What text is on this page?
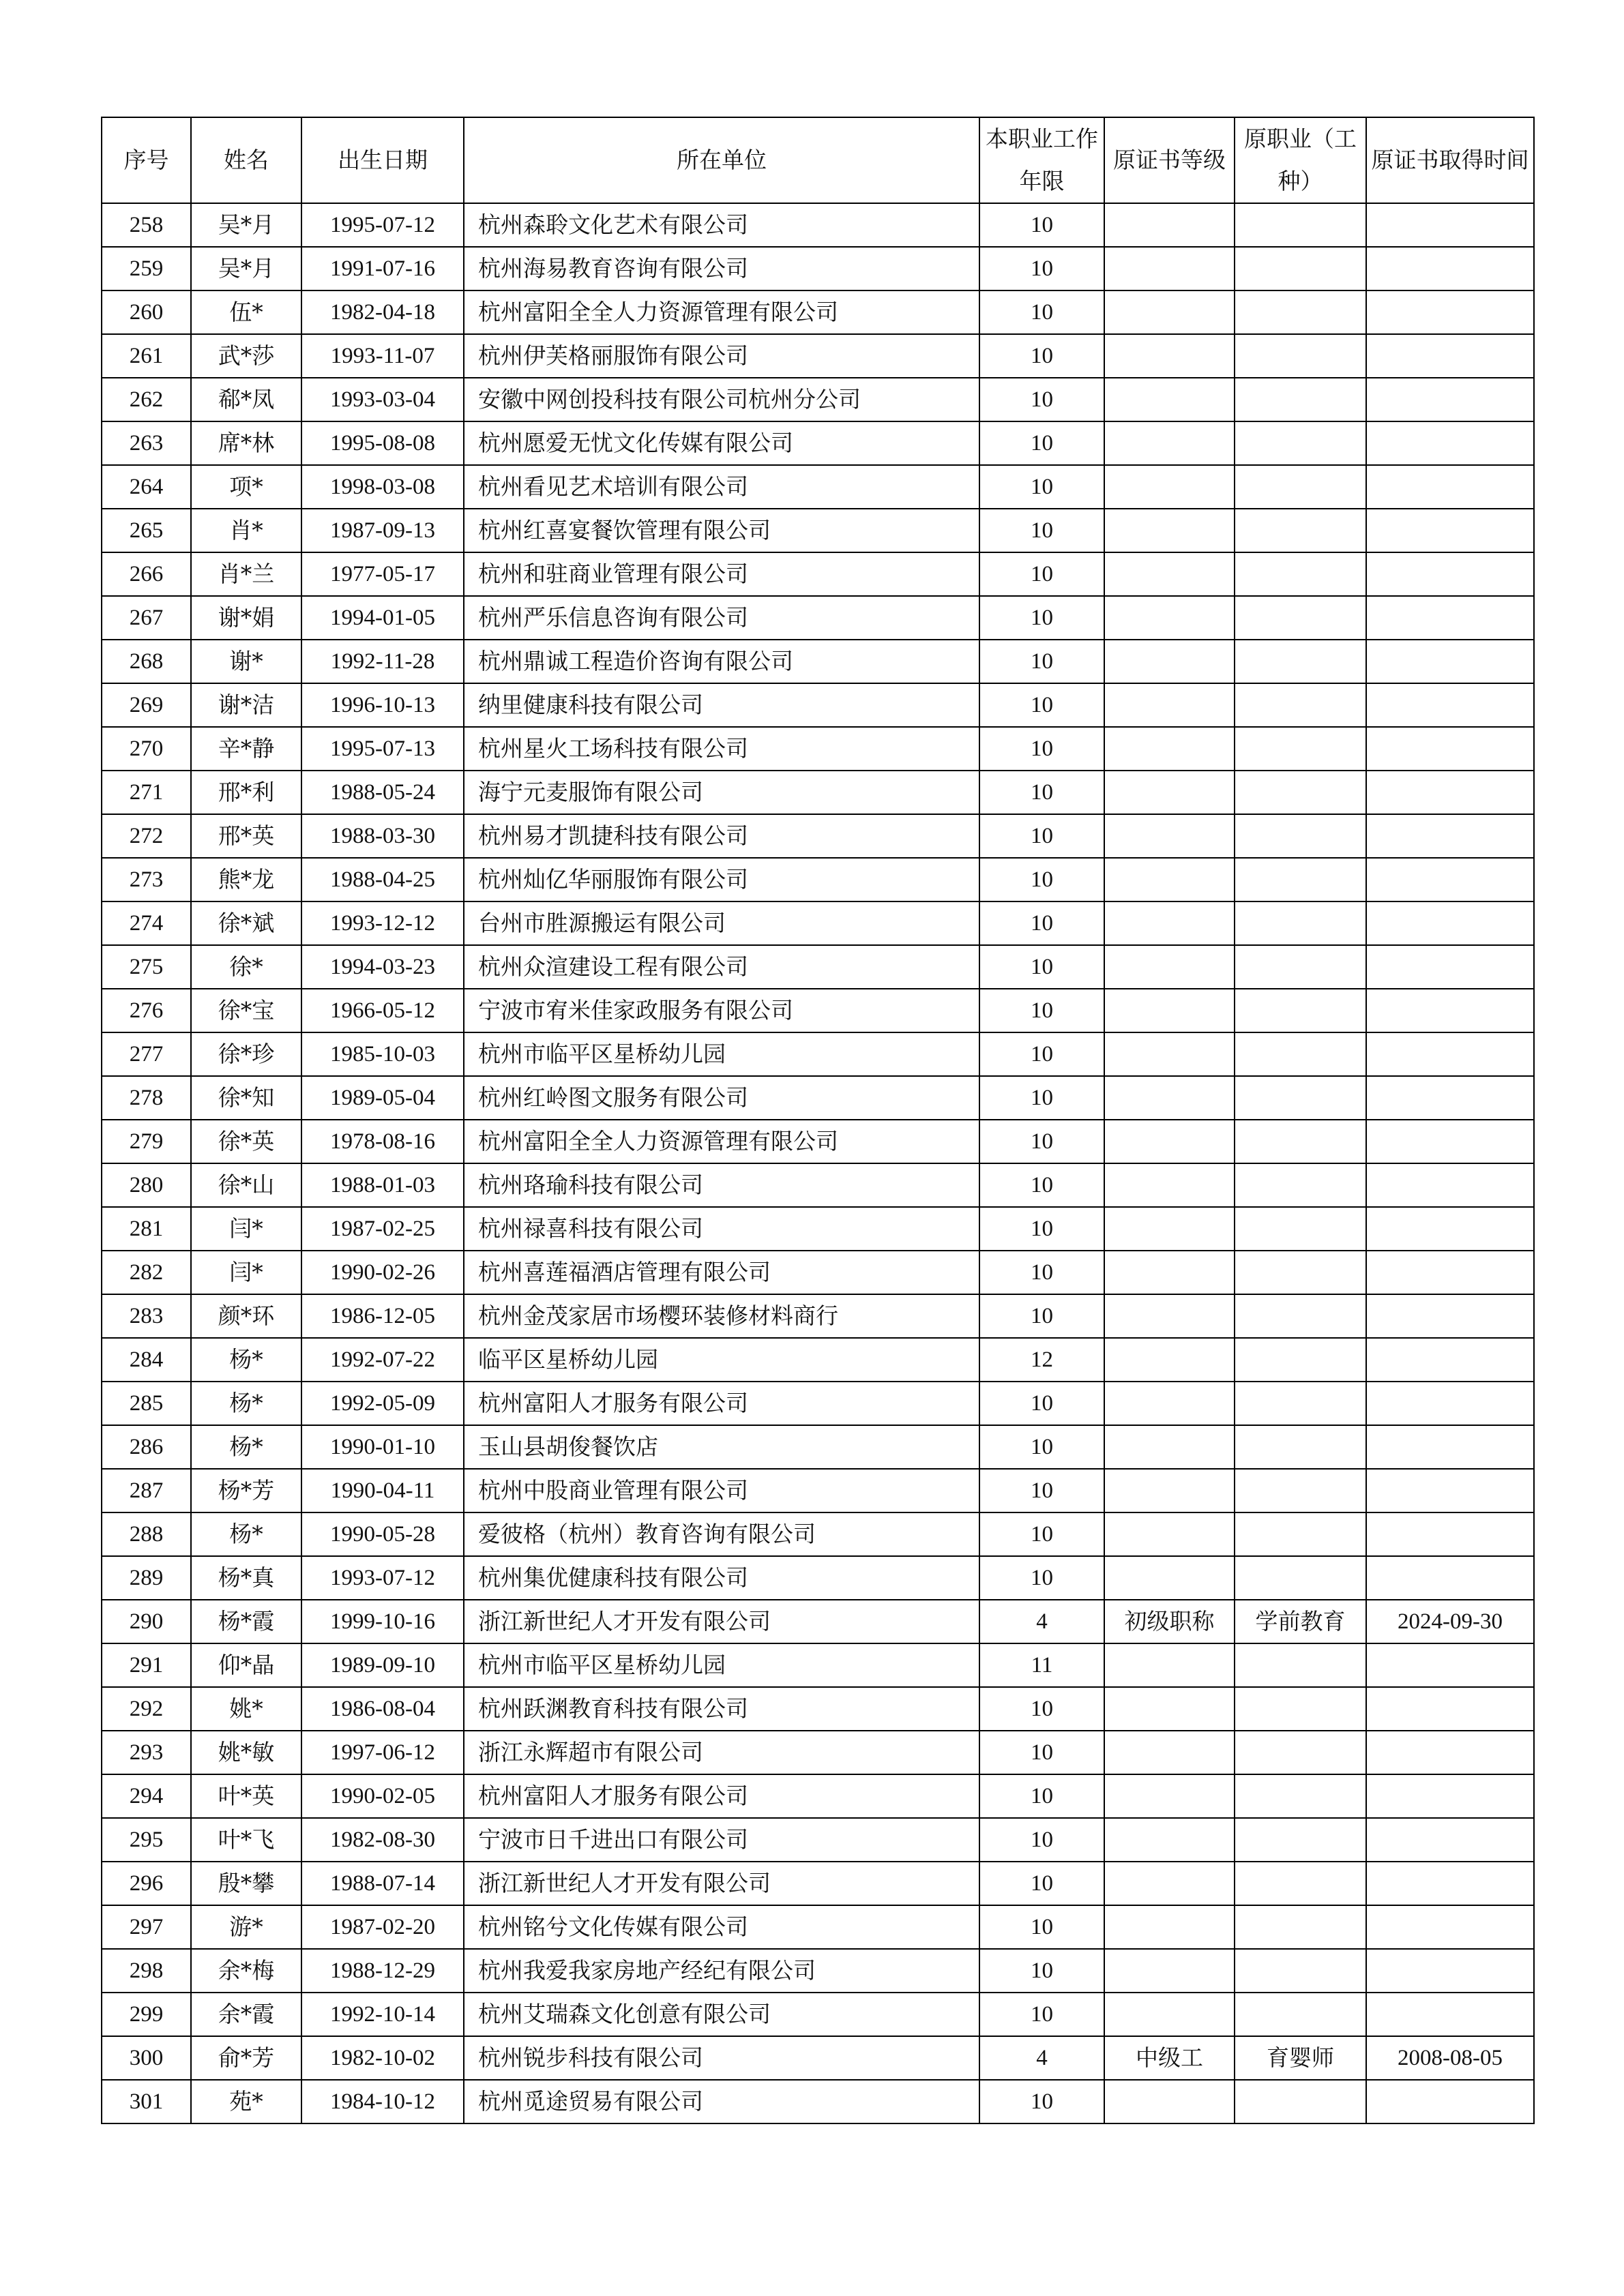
序号	姓名	出生日期	所在单位	本职业工作年限	原证书等级	原职业（工种）	原证书取得时间
258	吴*月	1995-07-12	杭州森聆文化艺术有限公司	10			
259	吴*月	1991-07-16	杭州海易教育咨询有限公司	10			
260	伍*	1982-04-18	杭州富阳全全人力资源管理有限公司	10			
261	武*莎	1993-11-07	杭州伊芙格丽服饰有限公司	10			
262	郗*凤	1993-03-04	安徽中网创投科技有限公司杭州分公司	10			
263	席*林	1995-08-08	杭州愿爱无忧文化传媒有限公司	10			
264	项*	1998-03-08	杭州看见艺术培训有限公司	10			
265	肖*	1987-09-13	杭州红喜宴餐饮管理有限公司	10			
266	肖*兰	1977-05-17	杭州和驻商业管理有限公司	10			
267	谢*娟	1994-01-05	杭州严乐信息咨询有限公司	10			
268	谢*	1992-11-28	杭州鼎诚工程造价咨询有限公司	10			
269	谢*洁	1996-10-13	纳里健康科技有限公司	10			
270	辛*静	1995-07-13	杭州星火工场科技有限公司	10			
271	邢*利	1988-05-24	海宁元麦服饰有限公司	10			
272	邢*英	1988-03-30	杭州易才凯捷科技有限公司	10			
273	熊*龙	1988-04-25	杭州灿亿华丽服饰有限公司	10			
274	徐*斌	1993-12-12	台州市胜源搬运有限公司	10			
275	徐*	1994-03-23	杭州众渲建设工程有限公司	10			
276	徐*宝	1966-05-12	宁波市宥米佳家政服务有限公司	10			
277	徐*珍	1985-10-03	杭州市临平区星桥幼儿园	10			
278	徐*知	1989-05-04	杭州红岭图文服务有限公司	10			
279	徐*英	1978-08-16	杭州富阳全全人力资源管理有限公司	10			
280	徐*山	1988-01-03	杭州珞瑜科技有限公司	10			
281	闫*	1987-02-25	杭州禄喜科技有限公司	10			
282	闫*	1990-02-26	杭州喜莲福酒店管理有限公司	10			
283	颜*环	1986-12-05	杭州金茂家居市场樱环装修材料商行	10			
284	杨*	1992-07-22	临平区星桥幼儿园	12			
285	杨*	1992-05-09	杭州富阳人才服务有限公司	10			
286	杨*	1990-01-10	玉山县胡俊餐饮店	10			
287	杨*芳	1990-04-11	杭州中股商业管理有限公司	10			
288	杨*	1990-05-28	爱彼格（杭州）教育咨询有限公司	10			
289	杨*真	1993-07-12	杭州集优健康科技有限公司	10			
290	杨*霞	1999-10-16	浙江新世纪人才开发有限公司	4	初级职称	学前教育	2024-09-30
291	仰*晶	1989-09-10	杭州市临平区星桥幼儿园	11			
292	姚*	1986-08-04	杭州跃渊教育科技有限公司	10			
293	姚*敏	1997-06-12	浙江永辉超市有限公司	10			
294	叶*英	1990-02-05	杭州富阳人才服务有限公司	10			
295	叶*飞	1982-08-30	宁波市日千进出口有限公司	10			
296	殷*攀	1988-07-14	浙江新世纪人才开发有限公司	10			
297	游*	1987-02-20	杭州铭兮文化传媒有限公司	10			
298	余*梅	1988-12-29	杭州我爱我家房地产经纪有限公司	10			
299	余*霞	1992-10-14	杭州艾瑞森文化创意有限公司	10			
300	俞*芳	1982-10-02	杭州锐步科技有限公司	4	中级工	育婴师	2008-08-05
301	苑*	1984-10-12	杭州觅途贸易有限公司	10			
